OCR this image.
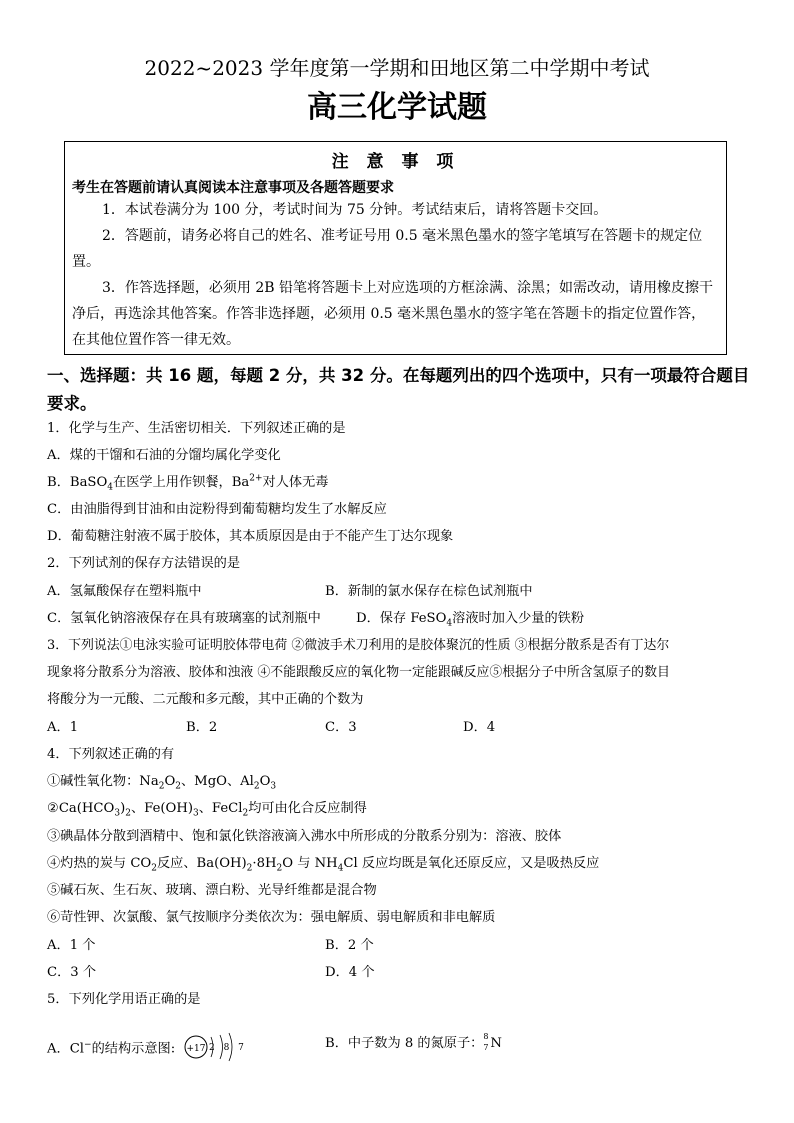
2022~2023 学年度第一学期和田地区第二中学期中考试
高三化学试题
注 意 事 项
考生在答题前请认真阅读本注意事项及各题答题要求
1．本试卷满分为 100 分，考试时间为 75 分钟。考试结束后，请将答题卡交回。
2．答题前，请务必将自己的姓名、准考证号用 0.5 毫米黑色墨水的签字笔填写在答题卡的规定位置。
3．作答选择题，必须用 2B 铅笔将答题卡上对应选项的方框涂满、涂黑；如需改动，请用橡皮擦干净后，再选涂其他答案。作答非选择题，必须用 0.5 毫米黑色墨水的签字笔在答题卡的指定位置作答，在其他位置作答一律无效。
一、选择题：共 16 题，每题 2 分，共 32 分。在每题列出的四个选项中，只有一项最符合题目要求。
1．化学与生产、生活密切相关．下列叙述正确的是
A．煤的干馏和石油的分馏均属化学变化
B．BaSO$_4$在医学上用作钡餐，$Ba^{2+}$对人体无毒
C．由油脂得到甘油和由淀粉得到葡萄糖均发生了水解反应
D．葡萄糖注射液不属于胶体，其本质原因是由于不能产生丁达尔现象
2．下列试剂的保存方法错误的是
A．氢氟酸保存在塑料瓶中	B．新制的氯水保存在棕色试剂瓶中
C．氢氧化钠溶液保存在具有玻璃塞的试剂瓶中	D．保存 FeSO$_4$溶液时加入少量的铁粉
3．下列说法①电泳实验可证明胶体带电荷 ②微波手术刀利用的是胶体聚沉的性质 ③根据分散系是否有丁达尔
现象将分散系分为溶液、胶体和浊液 ④不能跟酸反应的氧化物一定能跟碱反应⑤根据分子中所含氢原子的数目
将酸分为一元酸、二元酸和多元酸，其中正确的个数为
A．1	B．2	C．3	D．4
4．下列叙述正确的有
①碱性氧化物：$Na_2O_2$、MgO、$Al_2O_3$
$②Ca(HCO_3)_2$、$Fe(OH)_3$、FeCl$_2$均可由化合反应制得
③碘晶体分散到酒精中、饱和氯化铁溶液滴入沸水中所形成的分散系分别为：溶液、胶体
④灼热的炭与 $CO_2$反应、$Ba(OH)_2\cdot 8H_2O$ 与 $NH_4Cl$ 反应均既是氧化还原反应，又是吸热反应
⑤碱石灰、生石灰、玻璃、漂白粉、光导纤维都是混合物
⑥苛性钾、次氯酸、氯气按顺序分类依次为：强电解质、弱电解质和非电解质
A．1 个	B．2 个
C．3 个	D．4 个
5．下列化学用语正确的是
A．Cl−的结构示意图: +17 2 8 7	B．中子数为 8 的氮原子： 8
7 N
